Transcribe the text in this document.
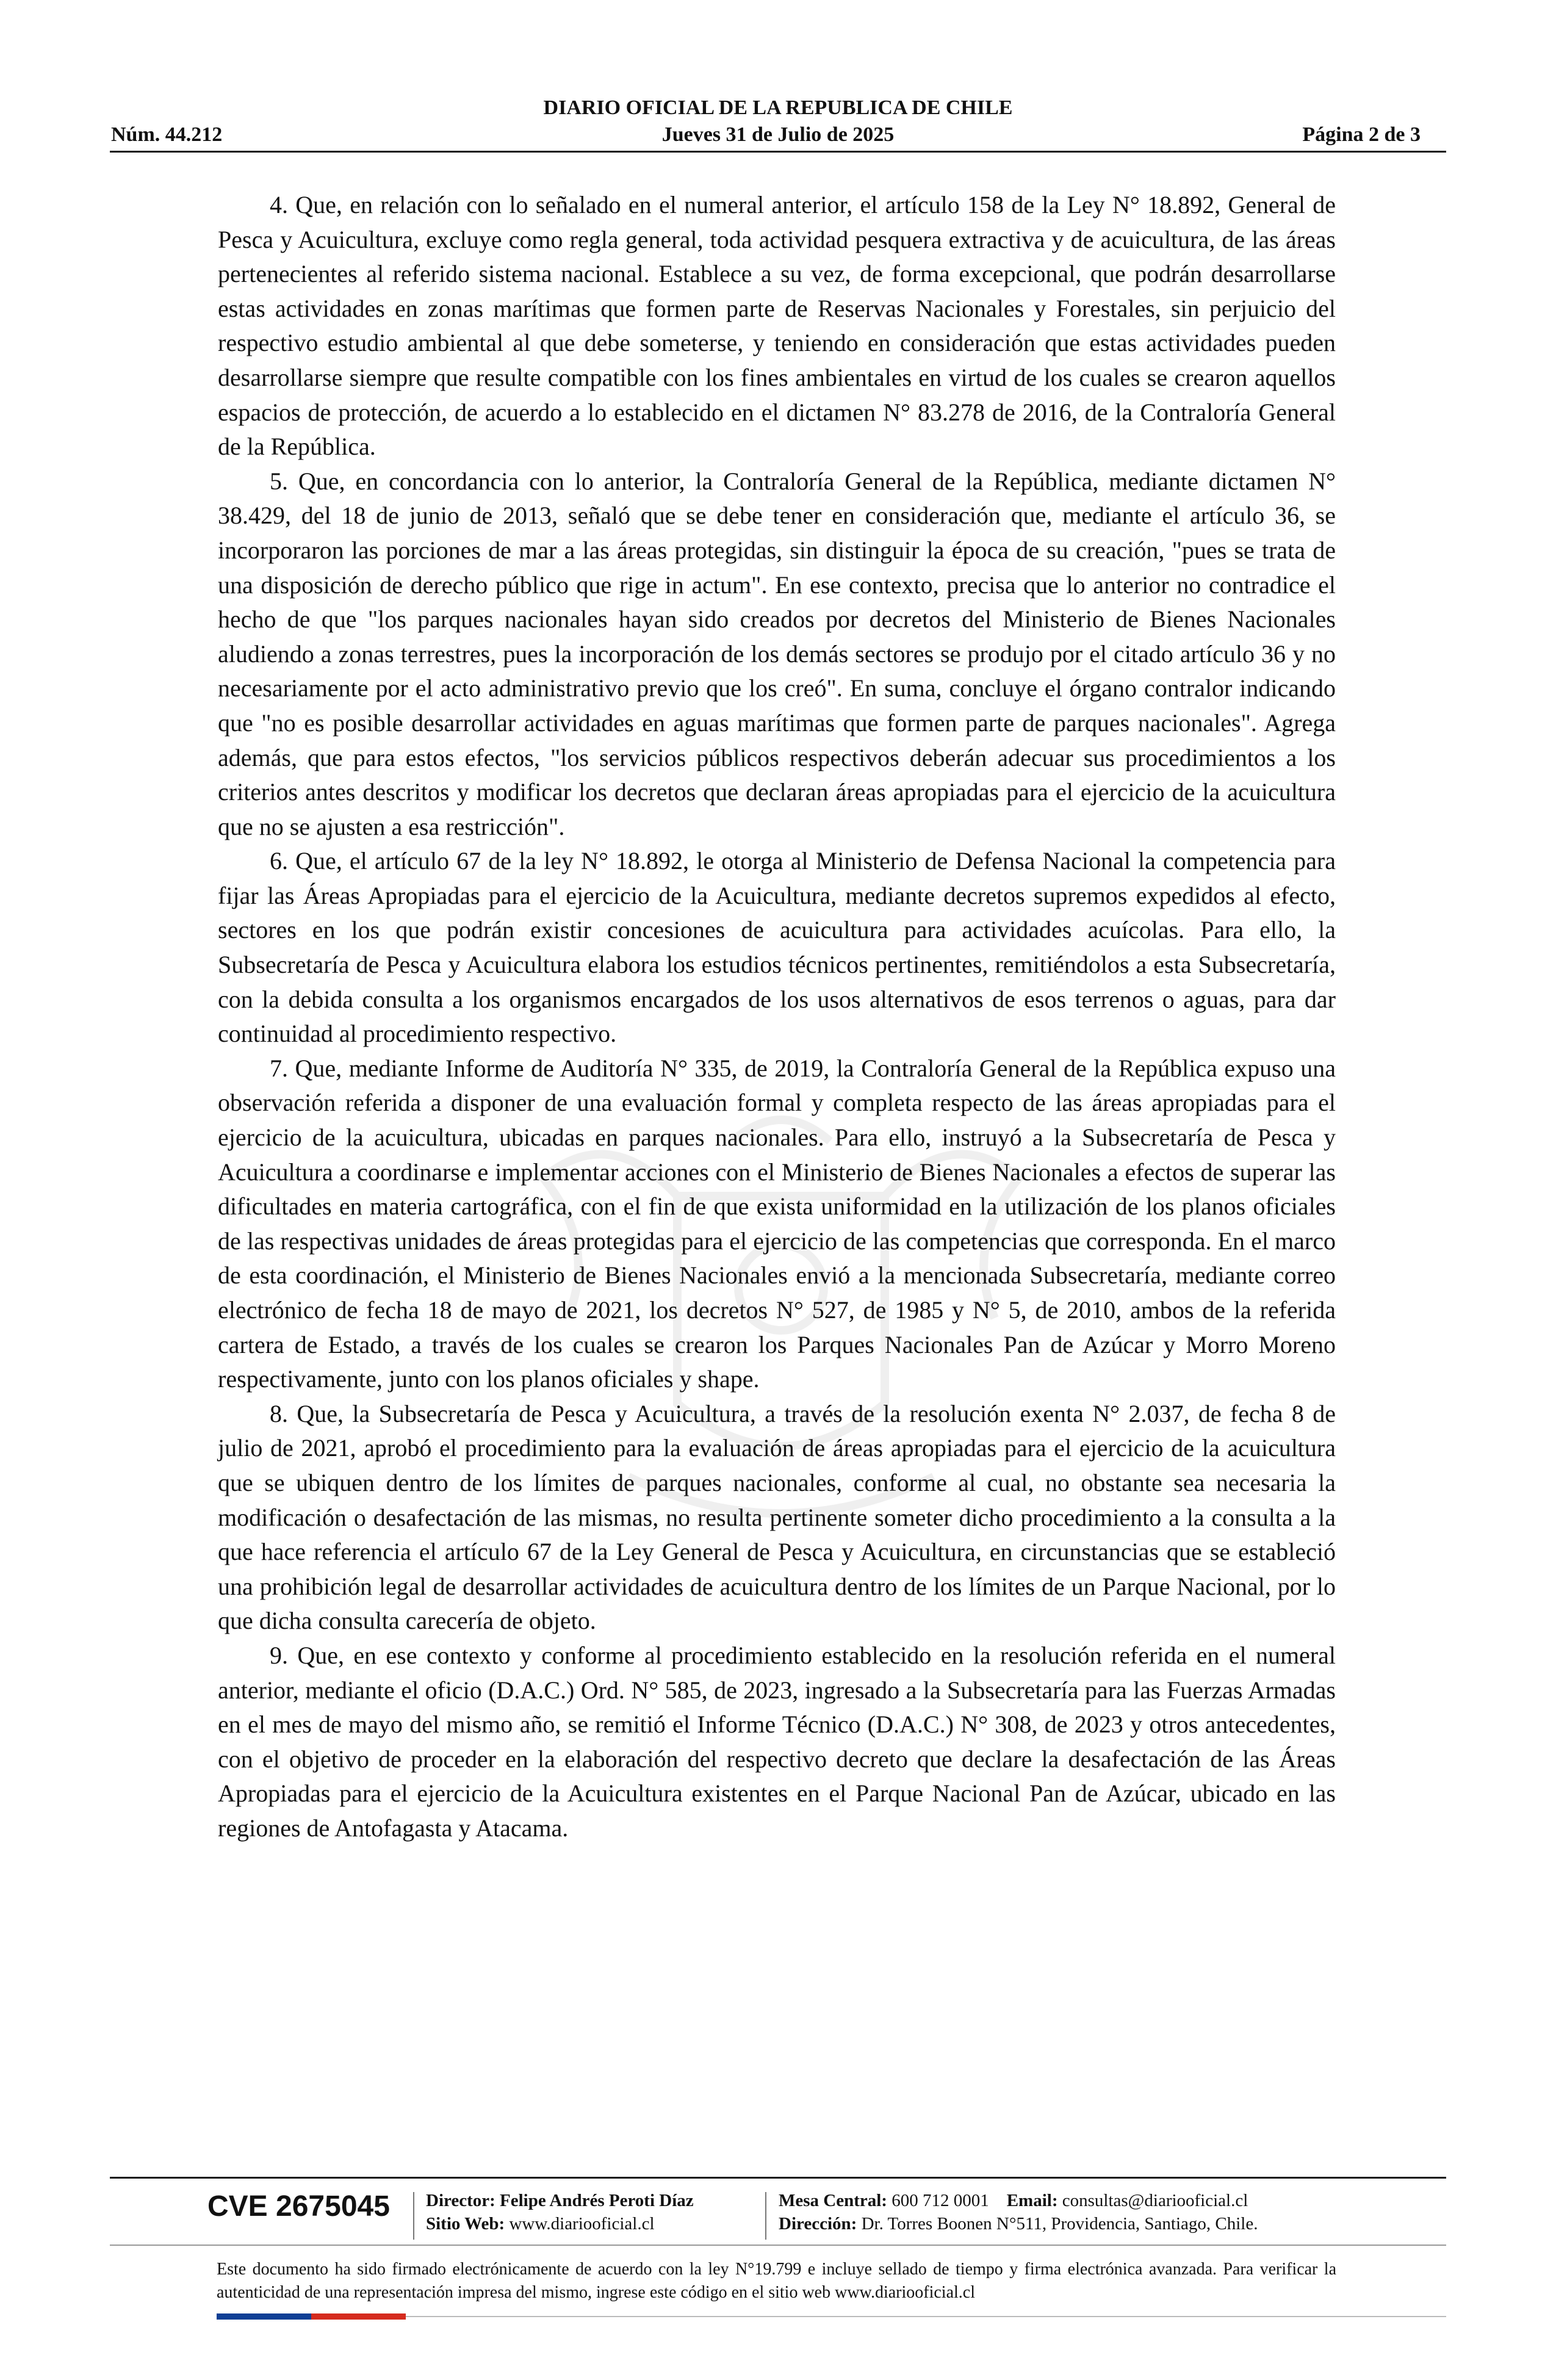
DIARIO OFICIAL DE LA REPUBLICA DE CHILE
Núm. 44.212	Jueves 31 de Julio de 2025	Página 2 de 3

4. Que, en relación con lo señalado en el numeral anterior, el artículo 158 de la Ley N° 18.892, General de Pesca y Acuicultura, excluye como regla general, toda actividad pesquera extractiva y de acuicultura, de las áreas pertenecientes al referido sistema nacional. Establece a su vez, de forma excepcional, que podrán desarrollarse estas actividades en zonas marítimas que formen parte de Reservas Nacionales y Forestales, sin perjuicio del respectivo estudio ambiental al que debe someterse, y teniendo en consideración que estas actividades pueden desarrollarse siempre que resulte compatible con los fines ambientales en virtud de los cuales se crearon aquellos espacios de protección, de acuerdo a lo establecido en el dictamen N° 83.278 de 2016, de la Contraloría General de la República.

5. Que, en concordancia con lo anterior, la Contraloría General de la República, mediante dictamen N° 38.429, del 18 de junio de 2013, señaló que se debe tener en consideración que, mediante el artículo 36, se incorporaron las porciones de mar a las áreas protegidas, sin distinguir la época de su creación, "pues se trata de una disposición de derecho público que rige in actum". En ese contexto, precisa que lo anterior no contradice el hecho de que "los parques nacionales hayan sido creados por decretos del Ministerio de Bienes Nacionales aludiendo a zonas terrestres, pues la incorporación de los demás sectores se produjo por el citado artículo 36 y no necesariamente por el acto administrativo previo que los creó". En suma, concluye el órgano contralor indicando que "no es posible desarrollar actividades en aguas marítimas que formen parte de parques nacionales". Agrega además, que para estos efectos, "los servicios públicos respectivos deberán adecuar sus procedimientos a los criterios antes descritos y modificar los decretos que declaran áreas apropiadas para el ejercicio de la acuicultura que no se ajusten a esa restricción".

6. Que, el artículo 67 de la ley N° 18.892, le otorga al Ministerio de Defensa Nacional la competencia para fijar las Áreas Apropiadas para el ejercicio de la Acuicultura, mediante decretos supremos expedidos al efecto, sectores en los que podrán existir concesiones de acuicultura para actividades acuícolas. Para ello, la Subsecretaría de Pesca y Acuicultura elabora los estudios técnicos pertinentes, remitiéndolos a esta Subsecretaría, con la debida consulta a los organismos encargados de los usos alternativos de esos terrenos o aguas, para dar continuidad al procedimiento respectivo.

7. Que, mediante Informe de Auditoría N° 335, de 2019, la Contraloría General de la República expuso una observación referida a disponer de una evaluación formal y completa respecto de las áreas apropiadas para el ejercicio de la acuicultura, ubicadas en parques nacionales. Para ello, instruyó a la Subsecretaría de Pesca y Acuicultura a coordinarse e implementar acciones con el Ministerio de Bienes Nacionales a efectos de superar las dificultades en materia cartográfica, con el fin de que exista uniformidad en la utilización de los planos oficiales de las respectivas unidades de áreas protegidas para el ejercicio de las competencias que corresponda. En el marco de esta coordinación, el Ministerio de Bienes Nacionales envió a la mencionada Subsecretaría, mediante correo electrónico de fecha 18 de mayo de 2021, los decretos N° 527, de 1985 y N° 5, de 2010, ambos de la referida cartera de Estado, a través de los cuales se crearon los Parques Nacionales Pan de Azúcar y Morro Moreno respectivamente, junto con los planos oficiales y shape.

8. Que, la Subsecretaría de Pesca y Acuicultura, a través de la resolución exenta N° 2.037, de fecha 8 de julio de 2021, aprobó el procedimiento para la evaluación de áreas apropiadas para el ejercicio de la acuicultura que se ubiquen dentro de los límites de parques nacionales, conforme al cual, no obstante sea necesaria la modificación o desafectación de las mismas, no resulta pertinente someter dicho procedimiento a la consulta a la que hace referencia el artículo 67 de la Ley General de Pesca y Acuicultura, en circunstancias que se estableció una prohibición legal de desarrollar actividades de acuicultura dentro de los límites de un Parque Nacional, por lo que dicha consulta carecería de objeto.

9. Que, en ese contexto y conforme al procedimiento establecido en la resolución referida en el numeral anterior, mediante el oficio (D.A.C.) Ord. N° 585, de 2023, ingresado a la Subsecretaría para las Fuerzas Armadas en el mes de mayo del mismo año, se remitió el Informe Técnico (D.A.C.) N° 308, de 2023 y otros antecedentes, con el objetivo de proceder en la elaboración del respectivo decreto que declare la desafectación de las Áreas Apropiadas para el ejercicio de la Acuicultura existentes en el Parque Nacional Pan de Azúcar, ubicado en las regiones de Antofagasta y Atacama.

CVE 2675045 Director: Felipe Andrés Peroti Díaz
Sitio Web: www.diariooficial.cl
Mesa Central: 600 712 0001 Email: consultas@diariooficial.cl
Dirección: Dr. Torres Boonen N°511, Providencia, Santiago, Chile.
Este documento ha sido firmado electrónicamente de acuerdo con la ley N°19.799 e incluye sellado de tiempo y firma electrónica avanzada. Para verificar la autenticidad de una representación impresa del mismo, ingrese este código en el sitio web www.diariooficial.cl
